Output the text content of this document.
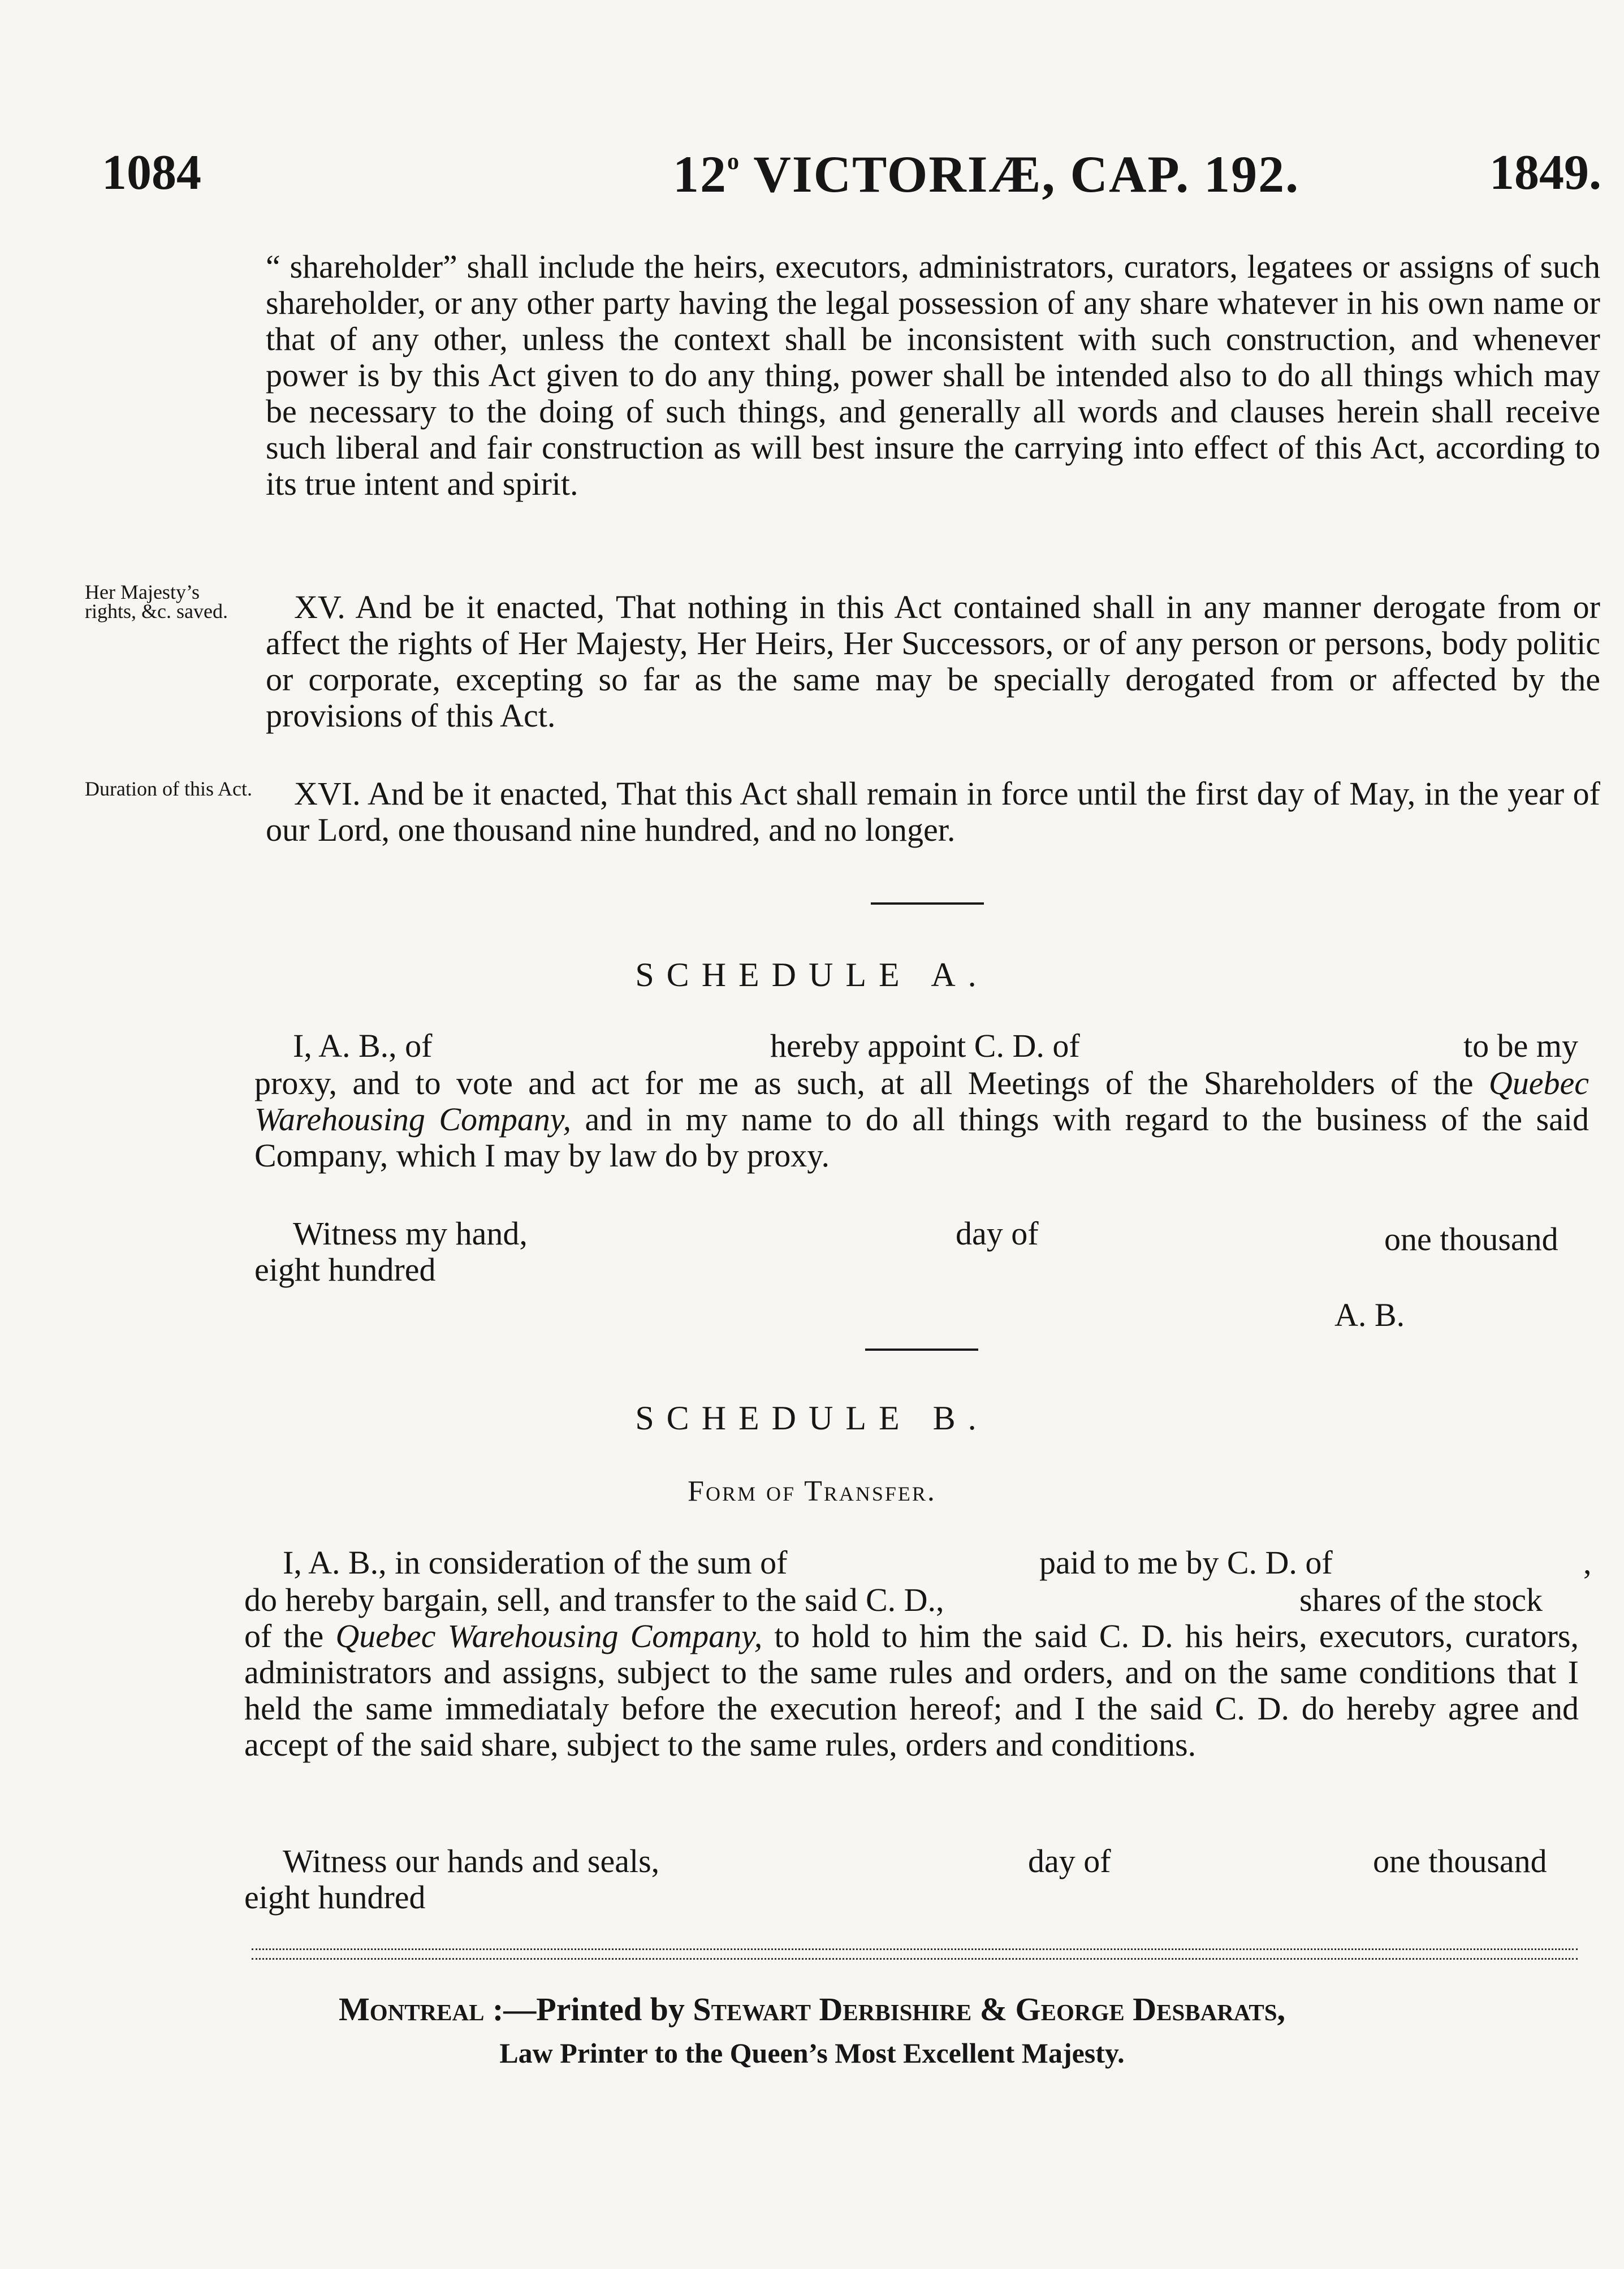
1084	12$^o$ VICTORIÆ, CAP. 192.	1849.

“ shareholder” shall include the heirs, executors, administrators, curators, legatees or assigns of such shareholder, or any other party having the legal possession of any share whatever in his own name or that of any other, unless the context shall be inconsistent with such construction, and whenever power is by this Act given to do any thing, power shall be intended also to do all things which may be necessary to the doing of such things, and generally all words and clauses herein shall receive such liberal and fair construction as will best insure the carrying into effect of this Act, according to its true intent and spirit.

Her Majesty’s rights, &c. saved.	XV. And be it enacted, That nothing in this Act contained shall in any manner derogate from or affect the rights of Her Majesty, Her Heirs, Her Successors, or of any person or persons, body politic or corporate, excepting so far as the same may be specially derogated from or affected by the provisions of this Act.

Duration of this Act.	XVI. And be it enacted, That this Act shall remain in force until the first day of May, in the year of our Lord, one thousand nine hundred, and no longer.

SCHEDULE A.
I, A. B., of	hereby appoint C. D. of	to be my

proxy, and to vote and act for me as such, at all Meetings of the Shareholders of the Quebec Warehousing Company, and in my name to do all things with regard to the business of the said Company, which I may by law do by proxy.

Witness my hand,	day of	one thousand
eight hundred
A. B.
SCHEDULE B.
Form of Transfer.
I, A. B., in consideration of the sum of	paid to me by C. D. of	,
do hereby bargain, sell, and transfer to the said C. D.,	shares of the stock

of the Quebec Warehousing Company, to hold to him the said C. D. his heirs, executors, curators, administrators and assigns, subject to the same rules and orders, and on the same conditions that I held the same immediataly before the execution hereof; and I the said C. D. do hereby agree and accept of the said share, subject to the same rules, orders and conditions.

Witness our hands and seals,	day of	one thousand
eight hundred
Montreal :—Printed by Stewart Derbishire & George Desbarats,
Law Printer to the Queen’s Most Excellent Majesty.
